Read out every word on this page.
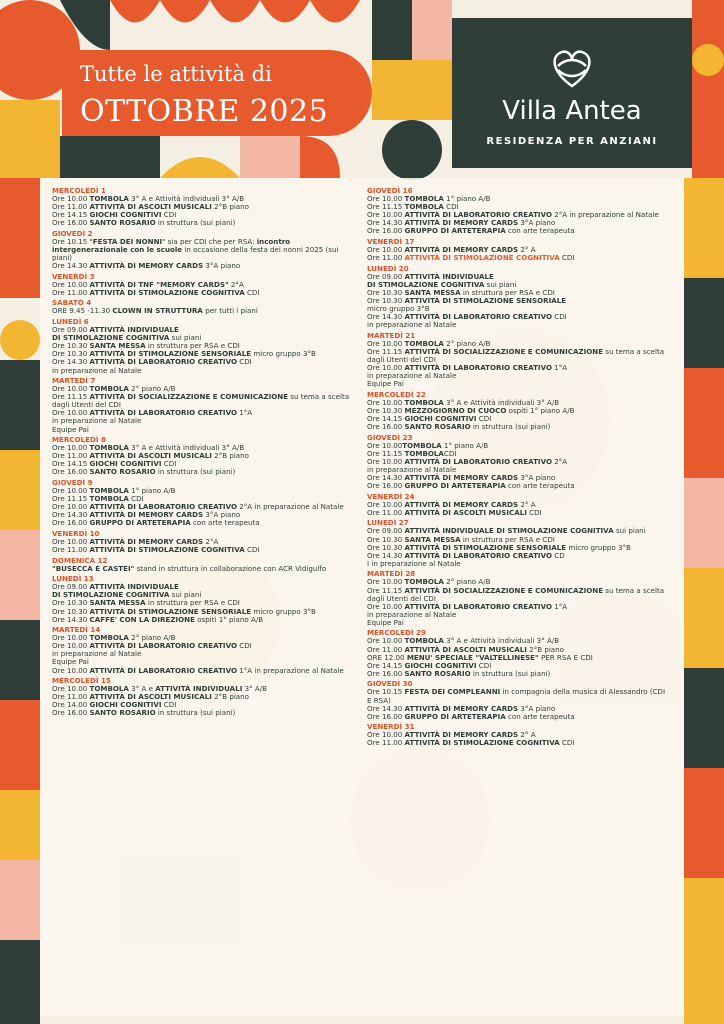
Tutte le attività di
OTTOBRE 2025	Villa Antea
RESIDENZA PER ANZIANI
MERCOLEDÌ 1
Ore 10.00 TOMBOLA 3° A e Attività individuali 3° A/B
Ore 11.00 ATTIVITÀ DI ASCOLTI MUSICALI 2°B piano
Ore 14.15 GIOCHI COGNITIVI CDI
Ore 16.00 SANTO ROSARIO in struttura (sui piani)
GIOVEDÌ 2
Ore 10.15 "FESTA DEI NONNI" sia per CDI che per RSA: incontro intergenerazionale con le scuole in occasione della festa dei nonni 2025 (sui piani)
Ore 14.30 ATTIVITÀ DI MEMORY CARDS 3°A piano
VENERDÌ 3
Ore 10.00 ATTIVITÀ DI TNF "MEMORY CARDS" 2°A
Ore 11.00 ATTIVITÀ DI STIMOLAZIONE COGNITIVA CDI
SABATO 4
ORE 9.45 -11.30 CLOWN IN STRUTTURA per tutti i piani
LUNEDÌ 6
Ore 09.00 ATTIVITÀ INDIVIDUALE
DI STIMOLAZIONE COGNITIVA sui piani
Ore 10.30 SANTA MESSA in struttura per RSA e CDI
Ore 10.30 ATTIVITÀ DI STIMOLAZIONE SENSORIALE micro gruppo 3°B
Ore 14.30 ATTIVITÀ DI LABORATORIO CREATIVO CDI
in preparazione al Natale
MARTEDÌ 7
Ore 10.00 TOMBOLA 2° piano A/B
Ore 11.15 ATTIVITÀ DI SOCIALIZZAZIONE E COMUNICAZIONE su tema a scelta dagli Utenti del CDI
Ore 10.00 ATTIVITÀ DI LABORATORIO CREATIVO 1°A
in preparazione al Natale
Equipe Pai
MERCOLEDÌ 8
Ore 10.00 TOMBOLA 3° A e Attività individuali 3° A/B
Ore 11.00 ATTIVITÀ DI ASCOLTI MUSICALI 2°B piano
Ore 14.15 GIOCHI COGNITIVI CDI
Ore 16.00 SANTO ROSARIO in struttura (sui piani)
GIOVEDÌ 9
Ore 10.00 TOMBOLA 1° piano A/B
Ore 11.15 TOMBOLA CDI
Ore 10.00 ATTIVITÀ DI LABORATORIO CREATIVO 2°A in preparazione al Natale
Ore 14.30 ATTIVITÀ DI MEMORY CARDS 3°A piano
Ore 16.00 GRUPPO DI ARTETERAPIA con arte terapeuta
VENERDÌ 10
Ore 10.00 ATTIVITÀ DI MEMORY CARDS 2°A
Ore 11.00 ATTIVITÀ DI STIMOLAZIONE COGNITIVA CDI
DOMENICA 12
"BUSECCA E CASTEI" stand in struttura in collaborazione con ACR Vidigulfo
LUNEDÌ 13
Ore 09.00 ATTIVITÀ INDIVIDUALE
DI STIMOLAZIONE COGNITIVA sui piani
Ore 10.30 SANTA MESSA in struttura per RSA e CDI
Ore 10.30 ATTIVITÀ DI STIMOLAZIONE SENSORIALE micro gruppo 3°B
Ore 14.30 CAFFE' CON LA DIREZIONE ospiti 1° piano A/B
MARTEDÌ 14
Ore 10.00 TOMBOLA 2° piano A/B
Ore 10.00 ATTIVITÀ DI LABORATORIO CREATIVO CDI
in preparazione al Natale
Equipe Pai
Ore 10.00 ATTIVITÀ DI LABORATORIO CREATIVO 1°A in preparazione al Natale
MERCOLEDÌ 15
Ore 10.00 TOMBOLA 3° A e ATTIVITÀ INDIVIDUALI 3° A/B
Ore 11.00 ATTIVITÀ DI ASCOLTI MUSICALI 2°B piano
Ore 14.00 GIOCHI COGNITIVI CDI
Ore 16.00 SANTO ROSARIO in struttura (sui piani)
GIOVEDÌ 16
Ore 10.00 TOMBOLA 1° piano A/B
Ore 11.15 TOMBOLA CDI
Ore 10.00 ATTIVITÀ DI LABORATORIO CREATIVO 2°A in preparazione al Natale
Ore 14.30 ATTIVITÀ DI MEMORY CARDS 3°A piano
Ore 16.00 GRUPPO DI ARTETERAPIA con arte terapeuta
VENERDÌ 17
Ore 10.00 ATTIVITÀ DI MEMORY CARDS 2° A
Ore 11.00 ATTIVITÀ DI STIMOLAZIONE COGNITIVA CDI
LUNEDÌ 20
Ore 09.00 ATTIVITÀ INDIVIDUALE
DI STIMOLAZIONE COGNITIVA sui piani
Ore 10.30 SANTA MESSA in struttura per RSA e CDI
Ore 10.30 ATTIVITÀ DI STIMOLAZIONE SENSORIALE
micro gruppo 3°B
Ore 14.30 ATTIVITÀ DI LABORATORIO CREATIVO CDI
in preparazione al Natale
MARTEDÌ 21
Ore 10.00 TOMBOLA 2° piano A/B
Ore 11.15 ATTIVITÀ DI SOCIALIZZAZIONE E COMUNICAZIONE su tema a scelta dagli Utenti del CDI
Ore 10.00 ATTIVITÀ DI LABORATORIO CREATIVO 1°A
in preparazione al Natale
Equipe Pai
MERCOLEDÌ 22
Ore 10.00 TOMBOLA 3° A e Attività individuali 3° A/B
Ore 10.30 MEZZOGIORNO DI CUOCO ospiti 1° piano A/B
Ore 14.15 GIOCHI COGNITIVI CDI
Ore 16.00 SANTO ROSARIO in struttura (sui piani)
GIOVEDÌ 23
Ore 10.00TOMBOLA 1° piano A/B
Ore 11.15 TOMBOLACDI
Ore 10.00 ATTIVITÀ DI LABORATORIO CREATIVO 2°A
in preparazione al Natale
Ore 14.30 ATTIVITÀ DI MEMORY CARDS 3°A piano
Ore 16.00 GRUPPO DI ARTETERAPIA con arte terapeuta
VENERDÌ 24
Ore 10.00 ATTIVITÀ DI MEMORY CARDS 2° A
Ore 11.00 ATTIVITÀ DI ASCOLTI MUSICALI CDI
LUNEDÌ 27
Ore 09.00 ATTIVITÀ INDIVIDUALE DI STIMOLAZIONE COGNITIVA sui piani
Ore 10.30 SANTA MESSA in struttura per RSA e CDI
Ore 10.30 ATTIVITÀ DI STIMOLAZIONE SENSORIALE micro gruppo 3°B
Ore 14.30 ATTIVITÀ DI LABORATORIO CREATIVO CD
I in preparazione al Natale
MARTEDÌ 28
Ore 10.00 TOMBOLA 2° piano A/B
Ore 11.15 ATTIVITÀ DI SOCIALIZZAZIONE E COMUNICAZIONE su tema a scelta dagli Utenti del CDI
Ore 10.00 ATTIVITÀ DI LABORATORIO CREATIVO 1°A
in preparazione al Natale
Equipe Pai
MERCOLEDÌ 29
Ore 10.00 TOMBOLA 3° A e Attività individuali 3° A/B
Ore 11.00 ATTIVITÀ DI ASCOLTI MUSICALI 2°B piano
ORE 12.00 MENU' SPECIALE "VALTELLINESE" PER RSA E CDI
Ore 14.15 GIOCHI COGNITIVI CDI
Ore 16.00 SANTO ROSARIO in struttura (sui piani)
GIOVEDÌ 30
Ore 10.15 FESTA DEI COMPLEANNI in compagnia della musica di Alessandro (CDI E RSA)
Ore 14.30 ATTIVITÀ DI MEMORY CARDS 3°A piano
Ore 16.00 GRUPPO DI ARTETERAPIA con arte terapeuta
VENERDÌ 31
Ore 10.00 ATTIVITÀ DI MEMORY CARDS 2° A
Ore 11.00 ATTIVITÀ DI STIMOLAZIONE COGNITIVA CDI
